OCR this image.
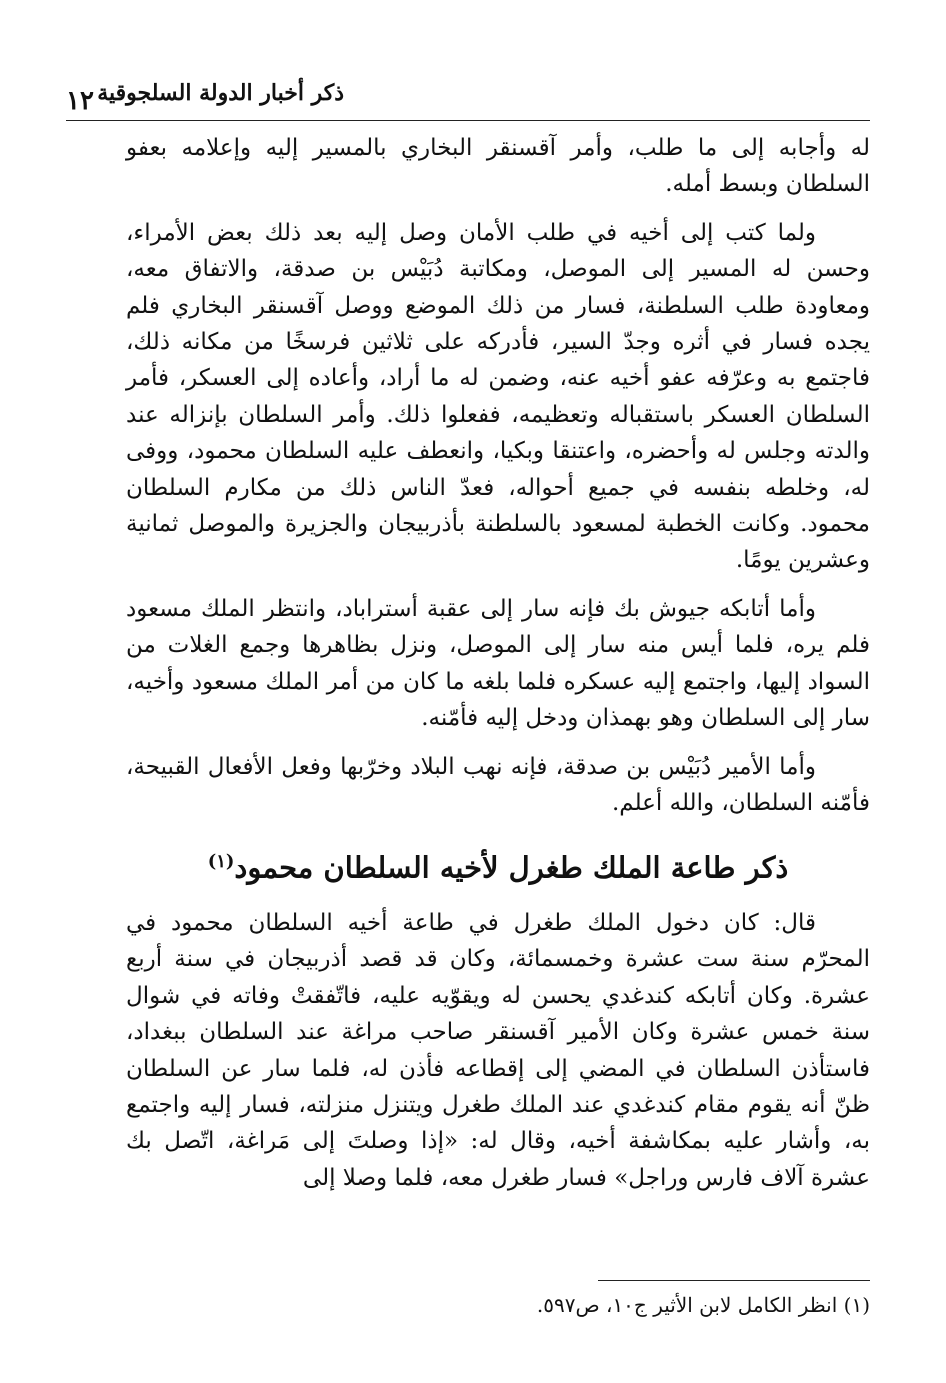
ذكر أخبار الدولة السلجوقية
١٢

له وأجابه إلى ما طلب، وأمر آقسنقر البخاري بالمسير إليه وإعلامه بعفو السلطان وبسط أمله.

ولما كتب إلى أخيه في طلب الأمان وصل إليه بعد ذلك بعض الأمراء، وحسن له المسير إلى الموصل، ومكاتبة دُبَيْس بن صدقة، والاتفاق معه، ومعاودة طلب السلطنة، فسار من ذلك الموضع ووصل آقسنقر البخاري فلم يجده فسار في أثره وجدّ السير، فأدركه على ثلاثين فرسخًا من مكانه ذلك، فاجتمع به وعرّفه عفو أخيه عنه، وضمن له ما أراد، وأعاده إلى العسكر، فأمر السلطان العسكر باستقباله وتعظيمه، ففعلوا ذلك. وأمر السلطان بإنزاله عند والدته وجلس له وأحضره، واعتنقا وبكيا، وانعطف عليه السلطان محمود، ووفى له، وخلطه بنفسه في جميع أحواله، فعدّ الناس ذلك من مكارم السلطان محمود. وكانت الخطبة لمسعود بالسلطنة بأذربيجان والجزيرة والموصل ثمانية وعشرين يومًا.

وأما أتابكه جيوش بك فإنه سار إلى عقبة أستراباد، وانتظر الملك مسعود فلم يره، فلما أيس منه سار إلى الموصل، ونزل بظاهرها وجمع الغلات من السواد إليها، واجتمع إليه عسكره فلما بلغه ما كان من أمر الملك مسعود وأخيه، سار إلى السلطان وهو بهمذان ودخل إليه فأمّنه.

وأما الأمير دُبَيْس بن صدقة، فإنه نهب البلاد وخرّبها وفعل الأفعال القبيحة، فأمّنه السلطان، والله أعلم.

ذكر طاعة الملك طغرل لأخيه السلطان محمود$^{(١)}$

قال: كان دخول الملك طغرل في طاعة أخيه السلطان محمود في المحرّم سنة ست عشرة وخمسمائة، وكان قد قصد أذربيجان في سنة أربع عشرة. وكان أتابكه كندغدي يحسن له ويقوّيه عليه، فاتّفقتْ وفاته في شوال سنة خمس عشرة وكان الأمير آقسنقر صاحب مراغة عند السلطان ببغداد، فاستأذن السلطان في المضي إلى إقطاعه فأذن له، فلما سار عن السلطان ظنّ أنه يقوم مقام كندغدي عند الملك طغرل ويتنزل منزلته، فسار إليه واجتمع به، وأشار عليه بمكاشفة أخيه، وقال له: «إذا وصلتَ إلى مَراغة، اتّصل بك عشرة آلاف فارس وراجل» فسار طغرل معه، فلما وصلا إلى

(١) انظر الكامل لابن الأثير ج١٠، ص٥٩٧.
